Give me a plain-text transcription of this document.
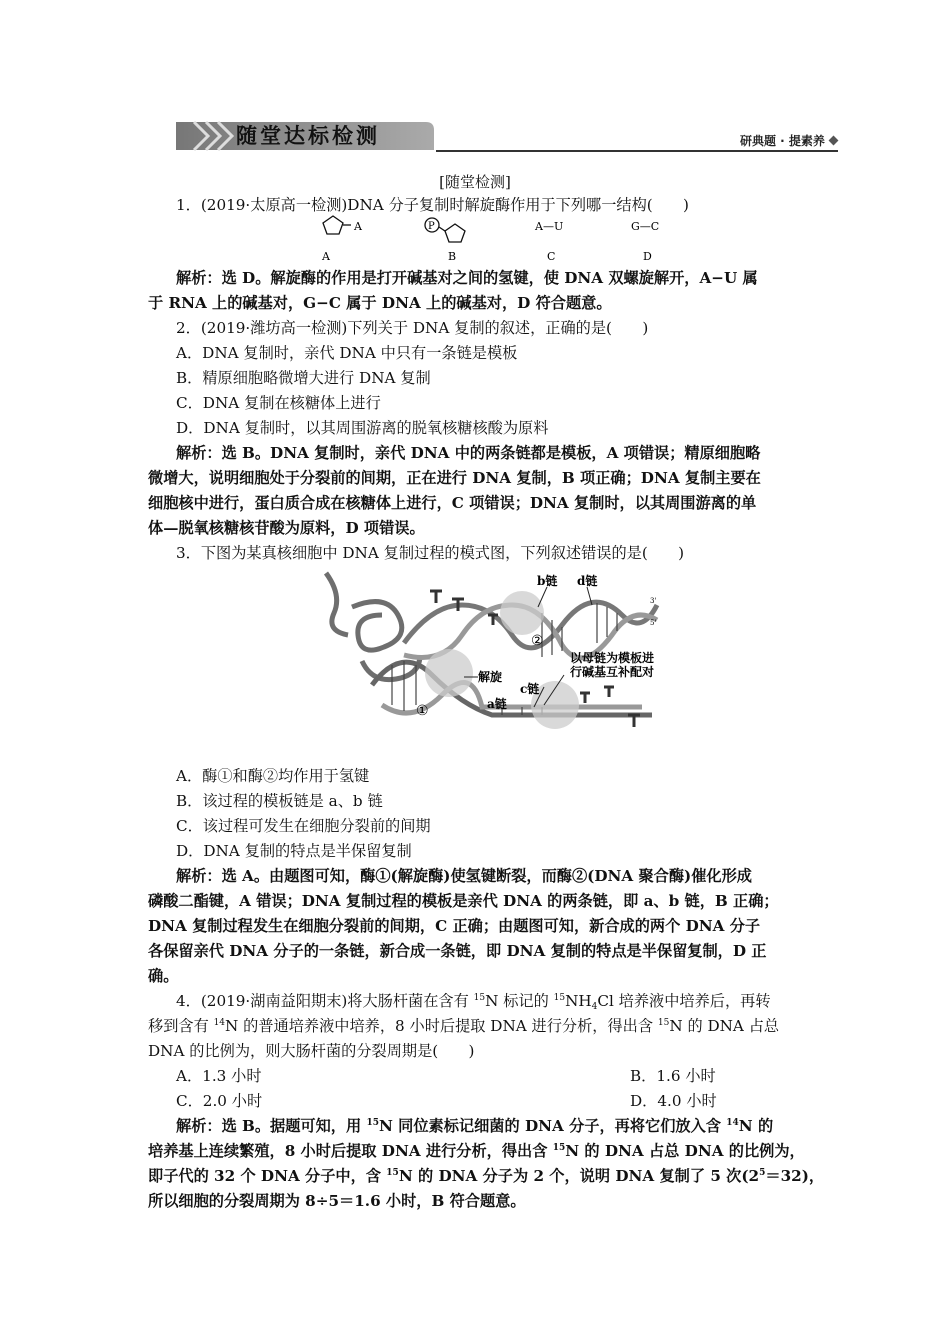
随堂达标检测	研典题 · 提素养
[随堂检测]
1．(2019·太原高一检测)DNA 分子复制时解旋酶作用于下列哪一结构(　　)
A	P	A—U	G—C
A	B	C	D
解析：选 D。解旋酶的作用是打开碱基对之间的氢键，使 DNA 双螺旋解开，A−U 属
于 RNA 上的碱基对，G−C 属于 DNA 上的碱基对，D 符合题意。
2．(2019·潍坊高一检测)下列关于 DNA 复制的叙述，正确的是(　　)
A．DNA 复制时，亲代 DNA 中只有一条链是模板
B．精原细胞略微增大进行 DNA 复制
C．DNA 复制在核糖体上进行
D．DNA 复制时，以其周围游离的脱氧核糖核酸为原料
解析：选 B。DNA 复制时，亲代 DNA 中的两条链都是模板，A 项错误；精原细胞略
微增大，说明细胞处于分裂前的间期，正在进行 DNA 复制，B 项正确；DNA 复制主要在
细胞核中进行，蛋白质合成在核糖体上进行，C 项错误；DNA 复制时，以其周围游离的单
体—脱氧核糖核苷酸为原料，D 项错误。
3．下图为某真核细胞中 DNA 复制过程的模式图，下列叙述错误的是(　　)
b链 d链
3'
5'
②
以母链为模板进
行碱基互补配对
解旋
c链
a链
①
A．酶①和酶②均作用于氢键
B．该过程的模板链是 a、b 链
C．该过程可发生在细胞分裂前的间期
D．DNA 复制的特点是半保留复制
解析：选 A。由题图可知，酶①(解旋酶)使氢键断裂，而酶②(DNA 聚合酶)催化形成
磷酸二酯键，A 错误；DNA 复制过程的模板是亲代 DNA 的两条链，即 a、b 链，B 正确；
DNA 复制过程发生在细胞分裂前的间期，C 正确；由题图可知，新合成的两个 DNA 分子
各保留亲代 DNA 分子的一条链，新合成一条链，即 DNA 复制的特点是半保留复制，D 正
确。
4．(2019·湖南益阳期末)将大肠杆菌在含有 $^{15}$N 标记的 $^{15}NH_4Cl$ 培养液中培养后，再转
移到含有 $^{14}$N 的普通培养液中培养，8 小时后提取 DNA 进行分析，得出含 $^{15}$N 的 DNA 占总
DNA 的比例为，则大肠杆菌的分裂周期是(　　)
A．1.3 小时	B．1.6 小时
C．2.0 小时	D．4.0 小时
解析：选 B。据题可知，用 $^{15}$N 同位素标记细菌的 DNA 分子，再将它们放入含 $^{14}$N 的
培养基上连续繁殖，8 小时后提取 DNA 进行分析，得出含 $^{15}$N 的 DNA 占总 DNA 的比例为，
即子代的 32 个 DNA 分子中，含 $^{15}$N 的 DNA 分子为 2 个，说明 DNA 复制了 5 次$(2^5=32)$，
所以细胞的分裂周期为 8÷5＝1.6 小时，B 符合题意。
